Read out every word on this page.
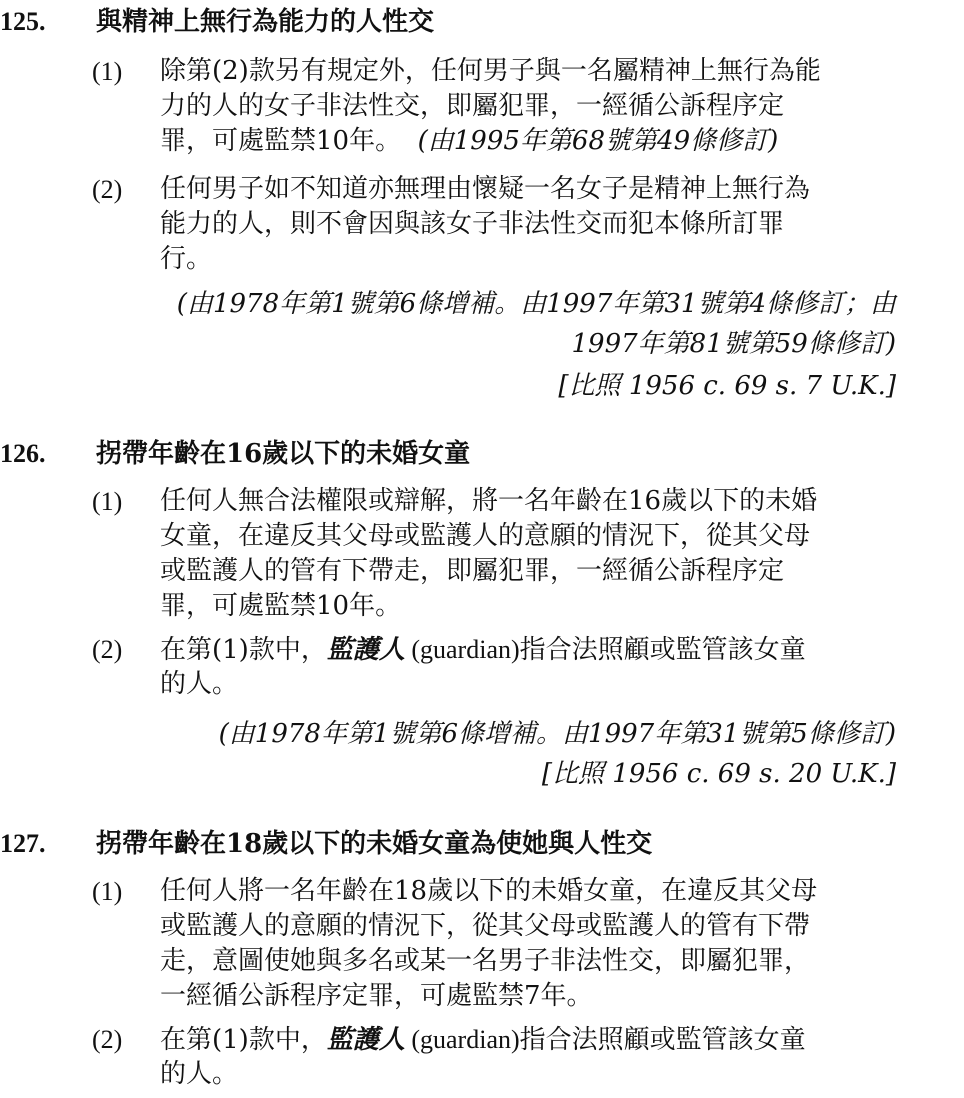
125. 與精神上無行為能力的人性交
(1) 除第(2)款另有規定外，任何男子與一名屬精神上無行為能
力的人的女子非法性交，即屬犯罪，一經循公訴程序定
罪，可處監禁10年。 (由1995年第68號第49條修訂)
(2) 任何男子如不知道亦無理由懷疑一名女子是精神上無行為
能力的人，則不會因與該女子非法性交而犯本條所訂罪
行。
(由1978年第1號第6條增補。由1997年第31號第4條修訂；由
1997年第81號第59條修訂)
[比照 1956 c. 69 s. 7 U.K.]
126. 拐帶年齡在16歲以下的未婚女童
(1) 任何人無合法權限或辯解，將一名年齡在16歲以下的未婚
女童，在違反其父母或監護人的意願的情況下，從其父母
或監護人的管有下帶走，即屬犯罪，一經循公訴程序定
罪，可處監禁10年。
(2) 在第(1)款中，監護人 (guardian)指合法照顧或監管該女童
的人。
(由1978年第1號第6條增補。由1997年第31號第5條修訂)
[比照 1956 c. 69 s. 20 U.K.]
127. 拐帶年齡在18歲以下的未婚女童為使她與人性交
(1) 任何人將一名年齡在18歲以下的未婚女童，在違反其父母
或監護人的意願的情況下，從其父母或監護人的管有下帶
走，意圖使她與多名或某一名男子非法性交，即屬犯罪，
一經循公訴程序定罪，可處監禁7年。
(2) 在第(1)款中，監護人 (guardian)指合法照顧或監管該女童
的人。
